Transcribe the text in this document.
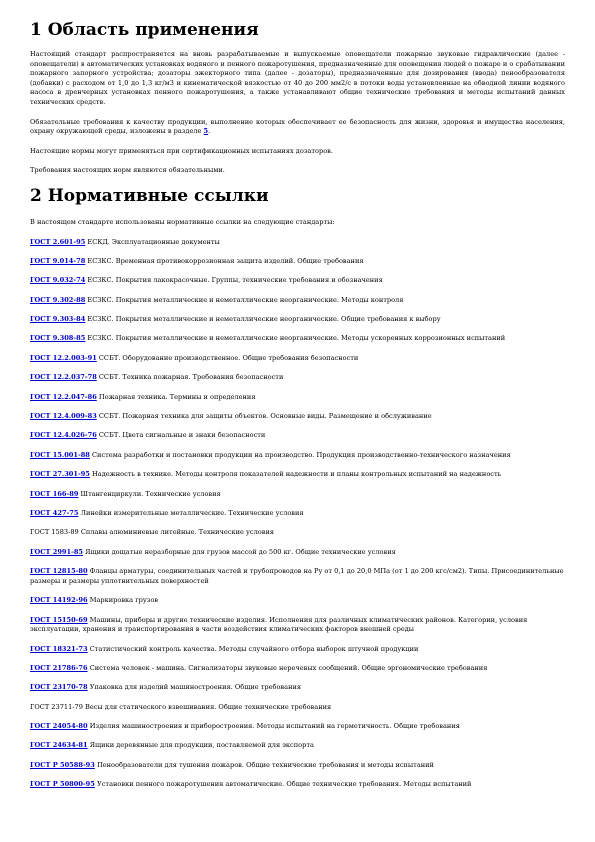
1 Область применения

Настоящий стандарт распространяется на вновь разрабатываемые и выпускаемые оповещатели пожарные звуковые гидравлические (далее - оповещатели) в автоматических установках водяного и пенного пожаротушения, предназначенные для оповещения людей о пожаре и о срабатывании пожарного запорного устройства; дозаторы эжекторного типа (далее - дозаторы), предназначенные для дозирования (ввода) пенообразователя (добавки) с расходом от 1,0 до 1,3 кг/м3 и кинематической вязкостью от 40 до 200 мм2/с в потоки воды установленные на обводной линии водяного насоса в дренчерных установках пенного пожаротушения, а также устанавливают общие технические требования и методы испытаний данных технических средств.

Обязательные требования к качеству продукции, выполнение которых обеспечивает ее безопасность для жизни, здоровья и имущества населения, охрану окружающей среды, изложены в разделе 5.

Настоящие нормы могут применяться при сертификационных испытаниях дозаторов.

Требования настоящих норм являются обязательными.

2 Нормативные ссылки

В настоящем стандарте использованы нормативные ссылки на следующие стандарты:

ГОСТ 2.601-95 ЕСКД. Эксплуатационные документы
ГОСТ 9.014-78 ЕСЗКС. Временная противокоррозионная защита изделий. Общие требования
ГОСТ 9.032-74 ЕСЗКС. Покрытия лакокрасочные. Группы, технические требования и обозначения
ГОСТ 9.302-88 ЕСЗКС. Покрытия металлические и неметаллические неорганические. Методы контроля
ГОСТ 9.303-84 ЕСЗКС. Покрытия металлические и неметаллические неорганические. Общие требования к выбору
ГОСТ 9.308-85 ЕСЗКС. Покрытия металлические и неметаллические неорганические. Методы ускоренных коррозионных испытаний
ГОСТ 12.2.003-91 ССБТ. Оборудование производственное. Общие требования безопасности
ГОСТ 12.2.037-78 ССБТ. Техника пожарная. Требования безопасности
ГОСТ 12.2.047-86 Пожарная техника. Термины и определения
ГОСТ 12.4.009-83 ССБТ. Пожарная техника для защиты объектов. Основные виды. Размещение и обслуживание
ГОСТ 12.4.026-76 ССБТ. Цвета сигнальные и знаки безопасности
ГОСТ 15.001-88 Система разработки и постановки продукции на производство. Продукция производственно-технического назначения
ГОСТ 27.301-95 Надежность в технике. Методы контроля показателей надежности и планы контрольных испытаний на надежность
ГОСТ 166-89 Штангенциркули. Технические условия
ГОСТ 427-75 Линейки измерительные металлические. Технические условия
ГОСТ 1583-89 Сплавы алюминиевые литейные. Технические условия
ГОСТ 2991-85 Ящики дощатые неразборные для грузов массой до 500 кг. Общие технические условия
ГОСТ 12815-80 Фланцы арматуры, соединительных частей и трубопроводов на Ру от 0,1 до 20,0 МПа (от 1 до 200 кгс/см2). Типы. Присоединительные размеры и размеры уплотнительных поверхностей
ГОСТ 14192-96 Маркировка грузов
ГОСТ 15150-69 Машины, приборы и другие технические изделия. Исполнения для различных климатических районов. Категории, условия эксплуатации, хранения и транспортирования в части воздействия климатических факторов внешней среды
ГОСТ 18321-73 Статистический контроль качества. Методы случайного отбора выборок штучной продукции
ГОСТ 21786-76 Система человек - машина. Сигнализаторы звуковые неречевых сообщений. Общие эргономические требования
ГОСТ 23170-78 Упаковка для изделий машиностроения. Общие требования
ГОСТ 23711-79 Весы для статического взвешивания. Общие технические требования
ГОСТ 24054-80 Изделия машиностроения и приборостроения. Методы испытаний на герметичность. Общие требования
ГОСТ 24634-81 Ящики деревянные для продукции, поставляемой для экспорта
ГОСТ Р 50588-93 Пенообразователи для тушения пожаров. Общие технические требования и методы испытаний
ГОСТ Р 50800-95 Установки пенного пожаротушения автоматические. Общие технические требования. Методы испытаний
